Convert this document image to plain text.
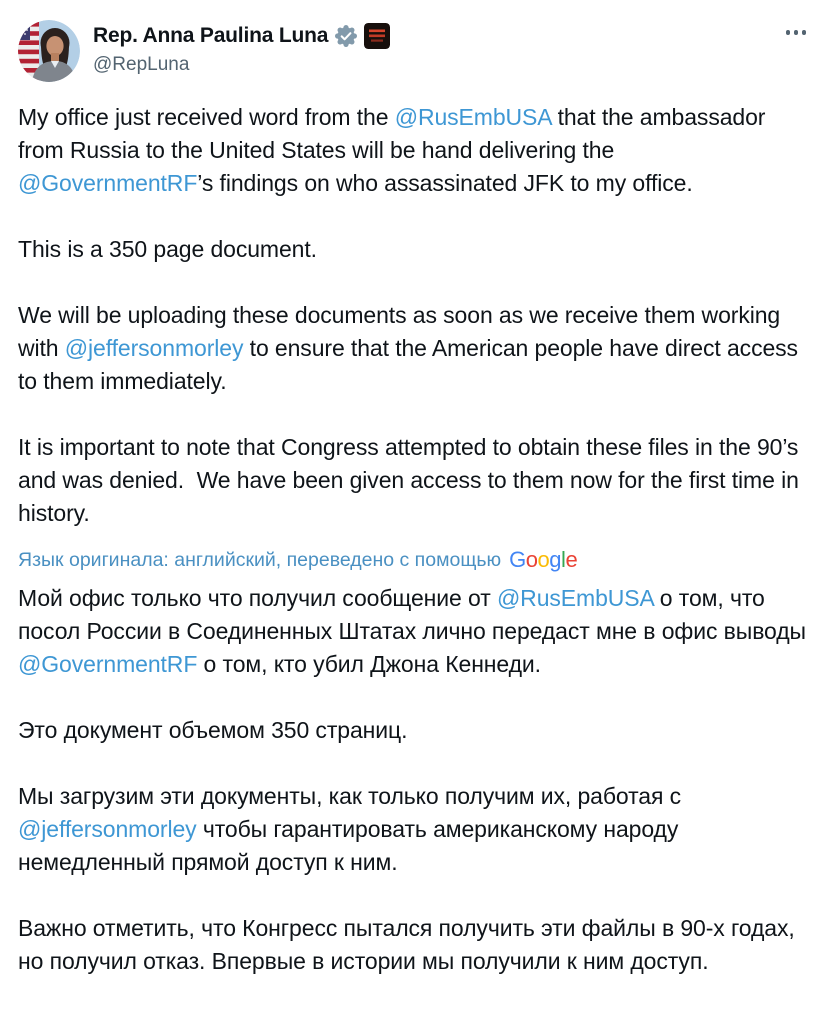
Rep. Anna Paulina Luna
@RepLuna

My office just received word from the @RusEmbUSA that the ambassador from Russia to the United States will be hand delivering the @GovernmentRF’s findings on who assassinated JFK to my office.

This is a 350 page document.

We will be uploading these documents as soon as we receive them working with @jeffersonmorley to ensure that the American people have direct access to them immediately.

It is important to note that Congress attempted to obtain these files in the 90’s and was denied.  We have been given access to them now for the first time in history.

Язык оригинала: английский, переведено с помощью Google

Мой офис только что получил сообщение от @RusEmbUSA о том, что посол России в Соединенных Штатах лично передаст мне в офис выводы @GovernmentRF о том, кто убил Джона Кеннеди.

Это документ объемом 350 страниц.

Мы загрузим эти документы, как только получим их, работая с @jeffersonmorley чтобы гарантировать американскому народу немедленный прямой доступ к ним.

Важно отметить, что Конгресс пытался получить эти файлы в 90-х годах, но получил отказ. Впервые в истории мы получили к ним доступ.
